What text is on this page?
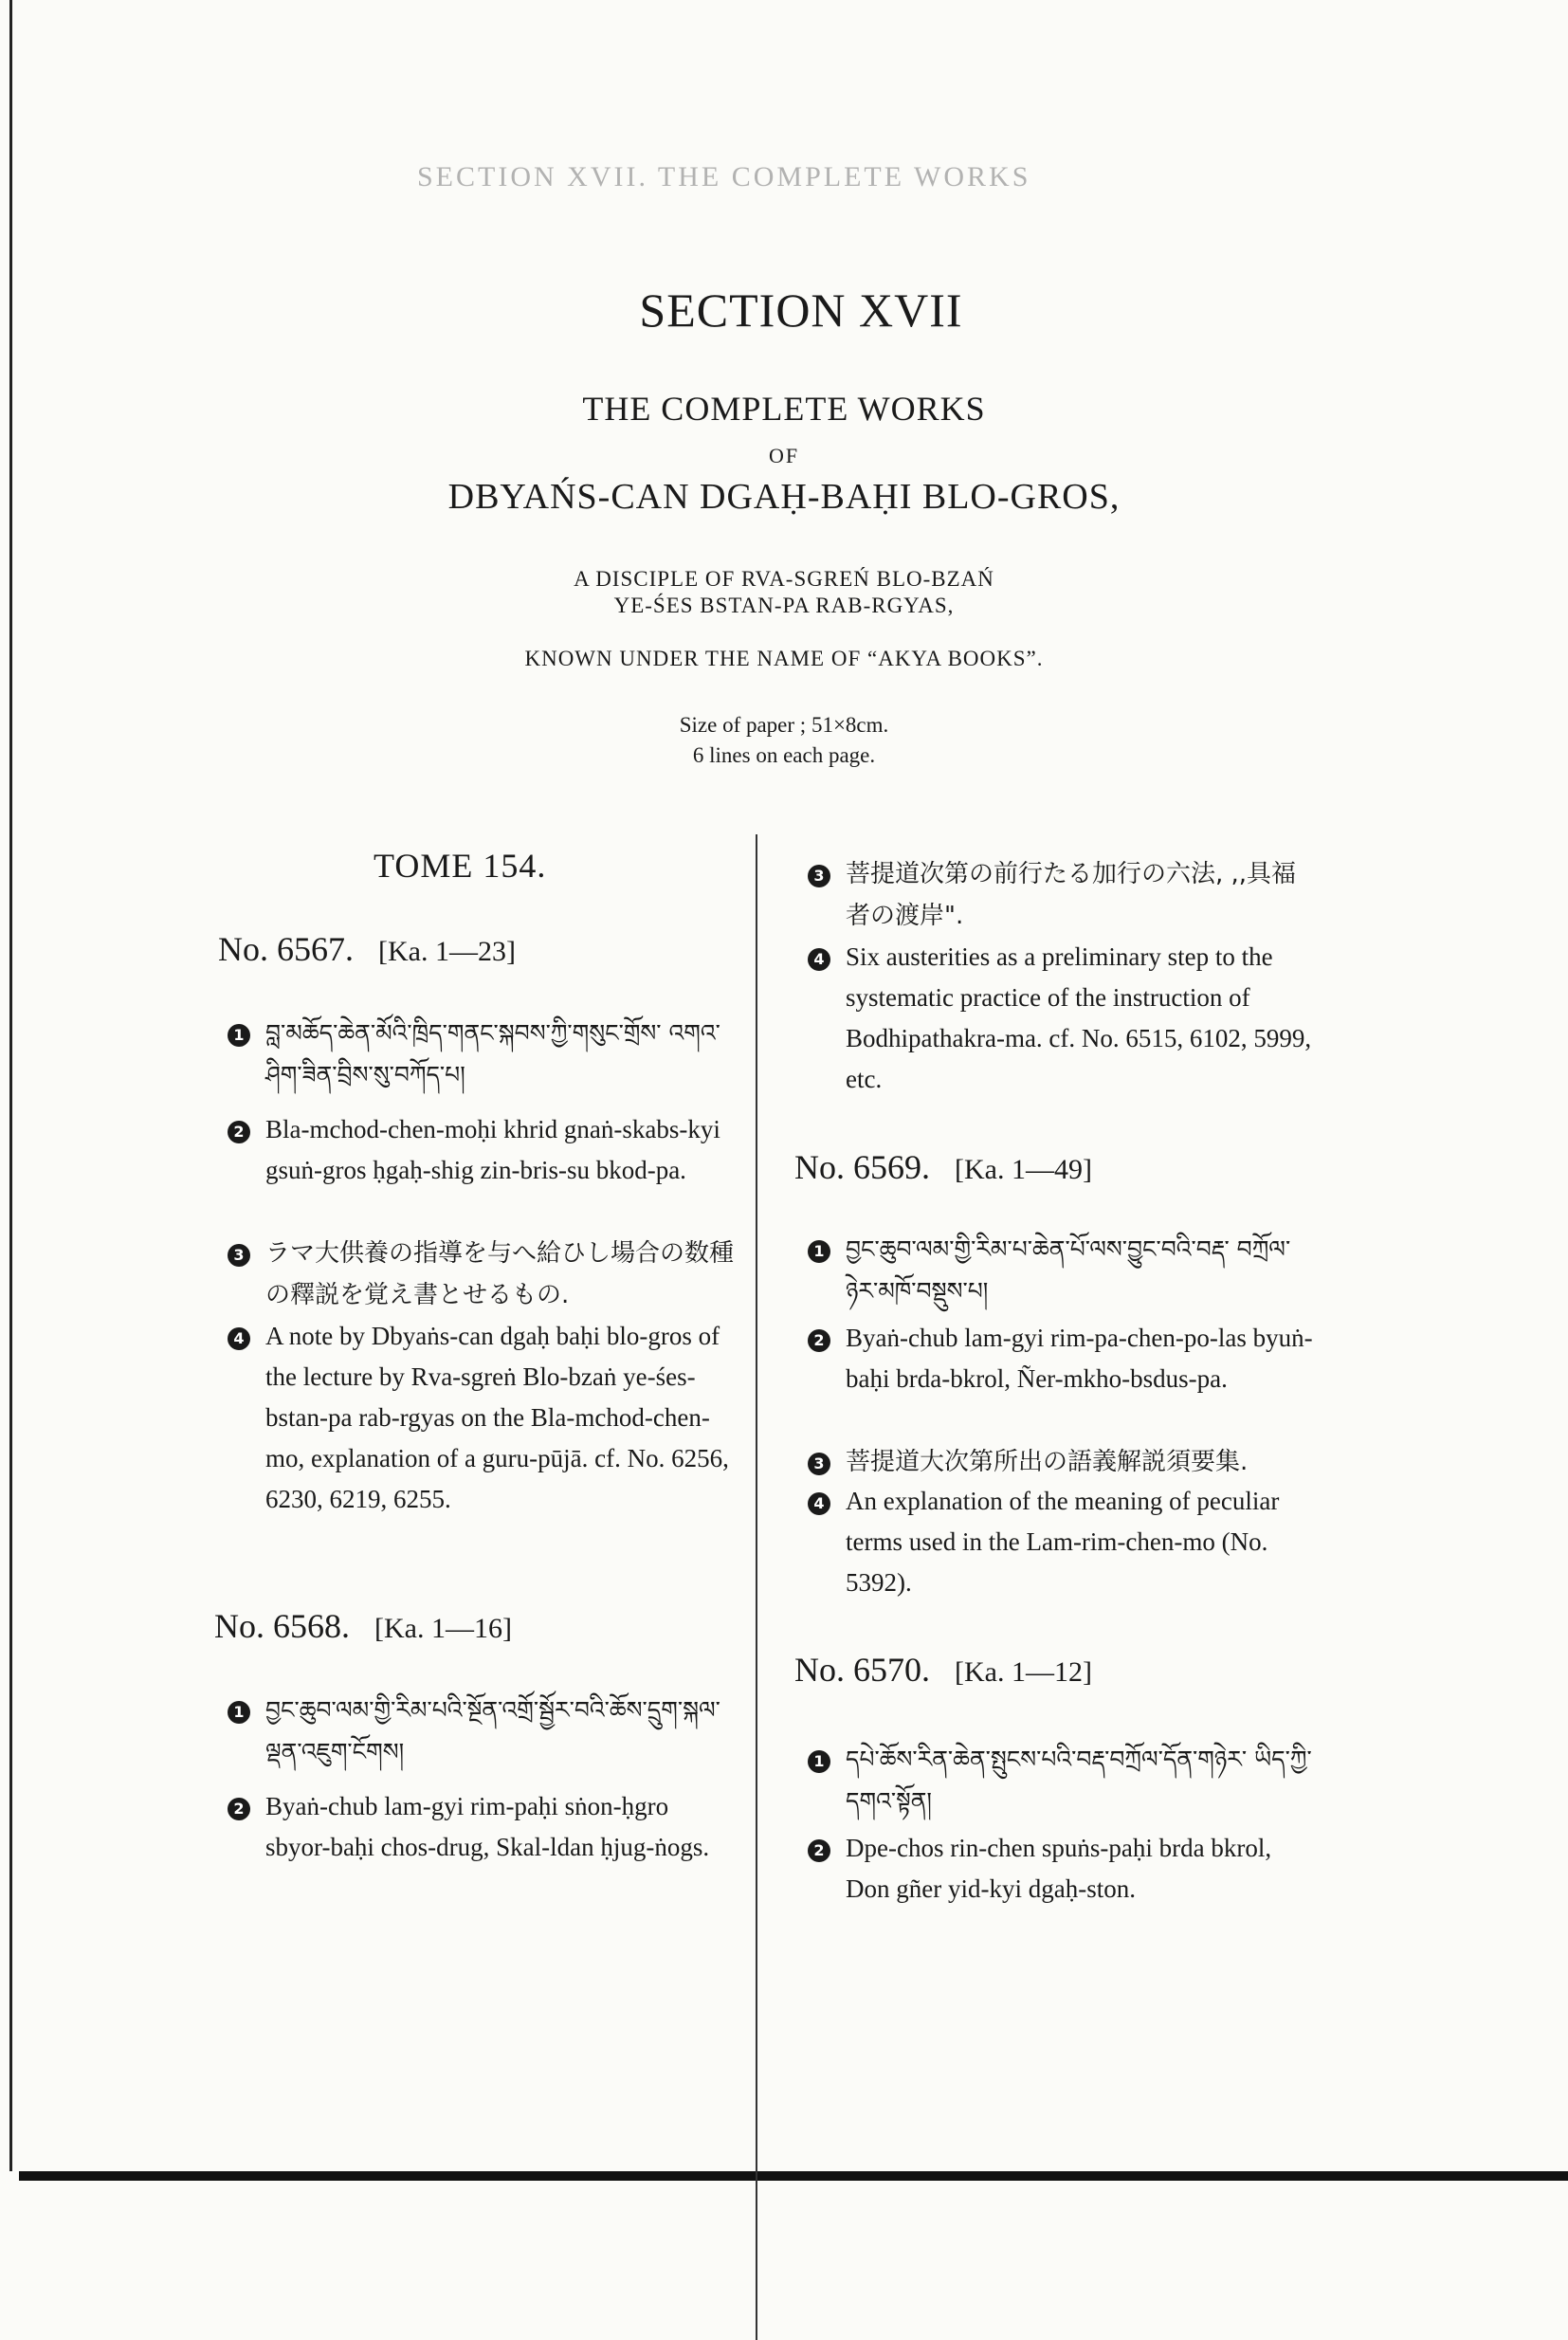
SECTION XVII. THE COMPLETE WORKS
SECTION XVII
THE COMPLETE WORKS
OF
DBYAŃS-CAN DGAḤ-BAḤI BLO-GROS,
A DISCIPLE OF RVA-SGREŃ BLO-BZAŃ
YE-ŚES BSTAN-PA RAB-RGYAS,
KNOWN UNDER THE NAME OF “AKYA BOOKS”.
Size of paper ; 51×8cm.
6 lines on each page.
TOME 154.
No. 6567. [Ka. 1—23]
1 བླ་མཆོད་ཆེན་མོའི་ཁྲིད་གནང་སྐབས་ཀྱི་གསུང་གྲོས་ འགའ་ཤིག་ཟིན་བྲིས་སུ་བཀོད་པ།
2 Bla-mchod-chen-moḥi khrid gnaṅ-skabs-kyi gsuṅ-gros ḥgaḥ-shig zin-bris-su bkod-pa.
3 ラマ大供養の指導を与へ給ひし場合の数種の釋説を覚え書とせるもの.
4 A note by Dbyaṅs-can dgaḥ baḥi blo-gros of the lecture by Rva-sgreṅ Blo-bzaṅ ye-śes-bstan-pa rab-rgyas on the Bla-mchod-chen-mo, explanation of a guru-pūjā. cf. No. 6256, 6230, 6219, 6255.
No. 6568. [Ka. 1—16]
1 བྱང་ཆུབ་ལམ་གྱི་རིམ་པའི་སྔོན་འགྲོ་སྦྱོར་བའི་ཆོས་དྲུག་སྐལ་ལྡན་འཇུག་ངོགས།
2 Byaṅ-chub lam-gyi rim-paḥi sṅon-ḥgro sbyor-baḥi chos-drug, Skal-ldan ḥjug-ṅogs.
3 菩提道次第の前行たる加行の六法, ,,具福者の渡岸".
4 Six austerities as a preliminary step to the systematic practice of the instruction of Bodhipathakra-ma. cf. No. 6515, 6102, 5999, etc.
No. 6569. [Ka. 1—49]
1 བྱང་ཆུབ་ལམ་གྱི་རིམ་པ་ཆེན་པོ་ལས་བྱུང་བའི་བརྡ་ བཀྲོལ་ཉེར་མཁོ་བསྡུས་པ།
2 Byaṅ-chub lam-gyi rim-pa-chen-po-las byuṅ-baḥi brda-bkrol, Ñer-mkho-bsdus-pa.
3 菩提道大次第所出の語義解説須要集.
4 An explanation of the meaning of peculiar terms used in the Lam-rim-chen-mo (No. 5392).
No. 6570. [Ka. 1—12]
1 དཔེ་ཆོས་རིན་ཆེན་སྤུངས་པའི་བརྡ་བཀྲོལ་དོན་གཉེར་ ཡིད་ཀྱི་དགའ་སྟོན།
2 Dpe-chos rin-chen spuṅs-paḥi brda bkrol, Don gñer yid-kyi dgaḥ-ston.
